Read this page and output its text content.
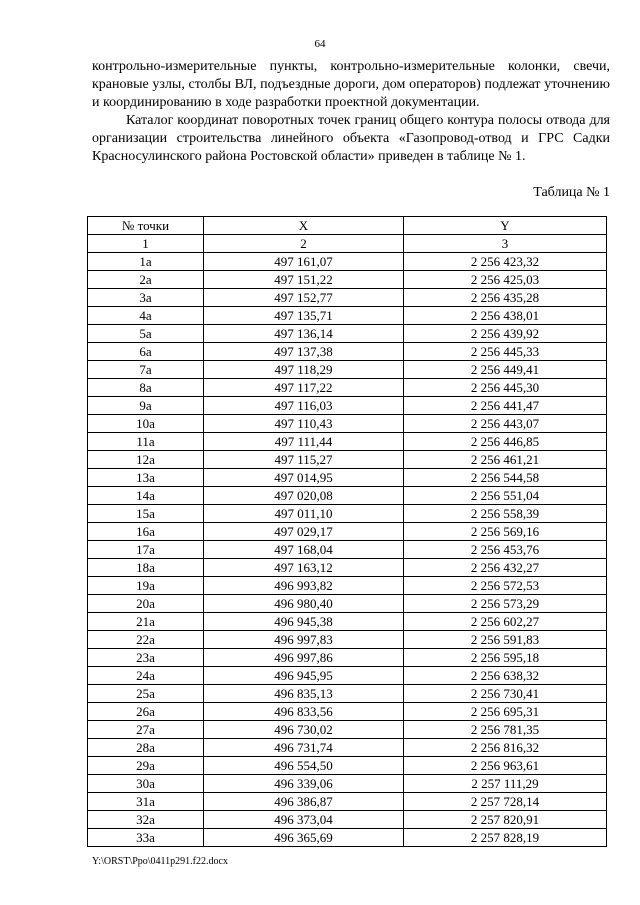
64
контрольно-измерительные пункты, контрольно-измерительные колонки, свечи, крановые узлы, столбы ВЛ, подъездные дороги, дом операторов) подлежат уточнению и координированию в ходе разработки проектной документации.
Каталог координат поворотных точек границ общего контура полосы отвода для организации строительства линейного объекта «Газопровод-отвод и ГРС Садки Красносулинского района Ростовской области» приведен в таблице № 1.
Таблица № 1
№ точки	X	Y
1	2	3
1а	497 161,07	2 256 423,32
2а	497 151,22	2 256 425,03
3а	497 152,77	2 256 435,28
4а	497 135,71	2 256 438,01
5а	497 136,14	2 256 439,92
6а	497 137,38	2 256 445,33
7а	497 118,29	2 256 449,41
8а	497 117,22	2 256 445,30
9а	497 116,03	2 256 441,47
10а	497 110,43	2 256 443,07
11а	497 111,44	2 256 446,85
12а	497 115,27	2 256 461,21
13а	497 014,95	2 256 544,58
14а	497 020,08	2 256 551,04
15а	497 011,10	2 256 558,39
16а	497 029,17	2 256 569,16
17а	497 168,04	2 256 453,76
18а	497 163,12	2 256 432,27
19а	496 993,82	2 256 572,53
20а	496 980,40	2 256 573,29
21а	496 945,38	2 256 602,27
22а	496 997,83	2 256 591,83
23а	496 997,86	2 256 595,18
24а	496 945,95	2 256 638,32
25а	496 835,13	2 256 730,41
26а	496 833,56	2 256 695,31
27а	496 730,02	2 256 781,35
28а	496 731,74	2 256 816,32
29а	496 554,50	2 256 963,61
30а	496 339,06	2 257 111,29
31а	496 386,87	2 257 728,14
32а	496 373,04	2 257 820,91
33а	496 365,69	2 257 828,19
Y:\ORST\Ppo\0411p291.f22.docx
